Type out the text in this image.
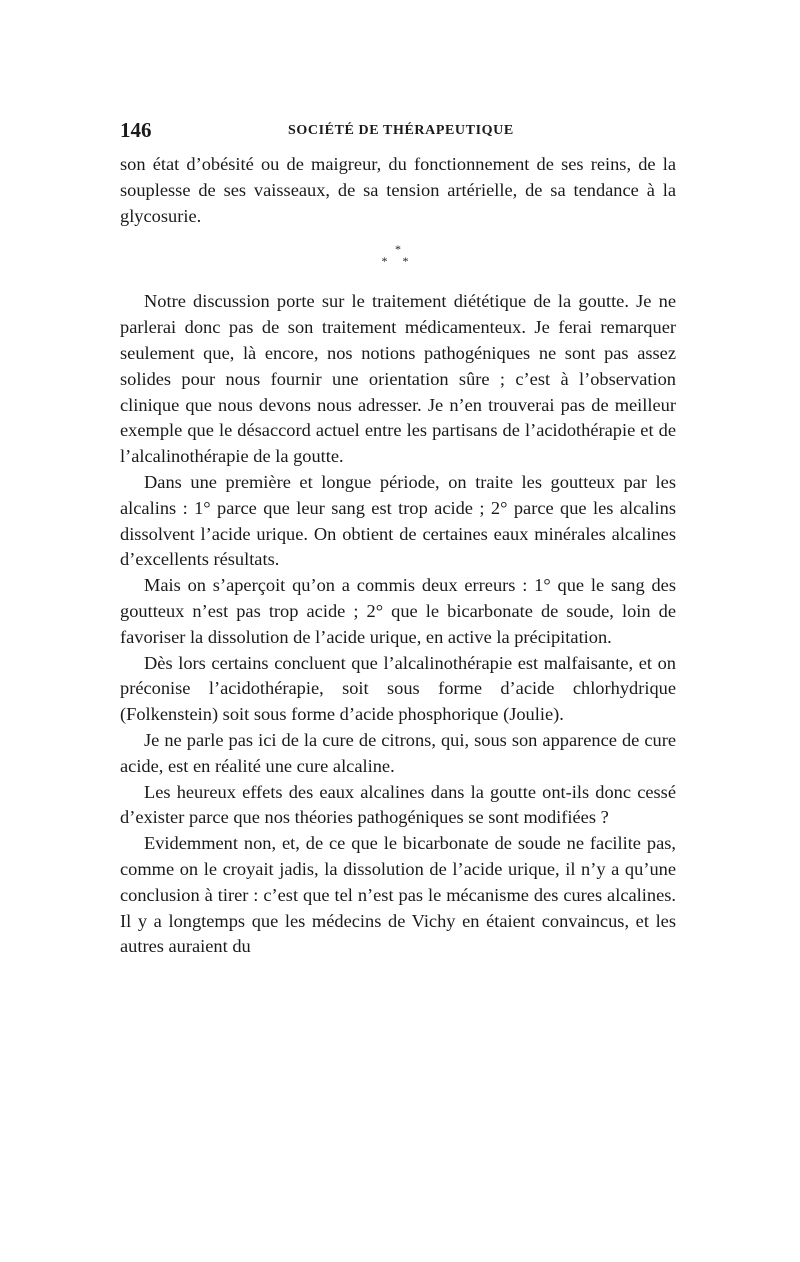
146	SOCIÉTÉ DE THÉRAPEUTIQUE

son état d’obésité ou de maigreur, du fonctionnement de ses reins, de la souplesse de ses vaisseaux, de sa tension artérielle, de sa tendance à la glycosurie.

*
* *

Notre discussion porte sur le traitement diététique de la goutte. Je ne parlerai donc pas de son traitement médicamenteux. Je ferai remarquer seulement que, là encore, nos notions pathogéniques ne sont pas assez solides pour nous fournir une orientation sûre ; c’est à l’observation clinique que nous devons nous adresser. Je n’en trouverai pas de meilleur exemple que le désaccord actuel entre les partisans de l’acidothérapie et de l’alcalinothérapie de la goutte.

Dans une première et longue période, on traite les goutteux par les alcalins : 1° parce que leur sang est trop acide ; 2° parce que les alcalins dissolvent l’acide urique. On obtient de certaines eaux minérales alcalines d’excellents résultats.

Mais on s’aperçoit qu’on a commis deux erreurs : 1° que le sang des goutteux n’est pas trop acide ; 2° que le bicarbonate de soude, loin de favoriser la dissolution de l’acide urique, en active la précipitation.

Dès lors certains concluent que l’alcalinothérapie est malfaisante, et on préconise l’acidothérapie, soit sous forme d’acide chlorhydrique (Folkenstein) soit sous forme d’acide phosphorique (Joulie).

Je ne parle pas ici de la cure de citrons, qui, sous son apparence de cure acide, est en réalité une cure alcaline.

Les heureux effets des eaux alcalines dans la goutte ont-ils donc cessé d’exister parce que nos théories pathogéniques se sont modifiées ?

Evidemment non, et, de ce que le bicarbonate de soude ne facilite pas, comme on le croyait jadis, la dissolution de l’acide urique, il n’y a qu’une conclusion à tirer : c’est que tel n’est pas le mécanisme des cures alcalines. Il y a longtemps que les médecins de Vichy en étaient convaincus, et les autres auraient du
